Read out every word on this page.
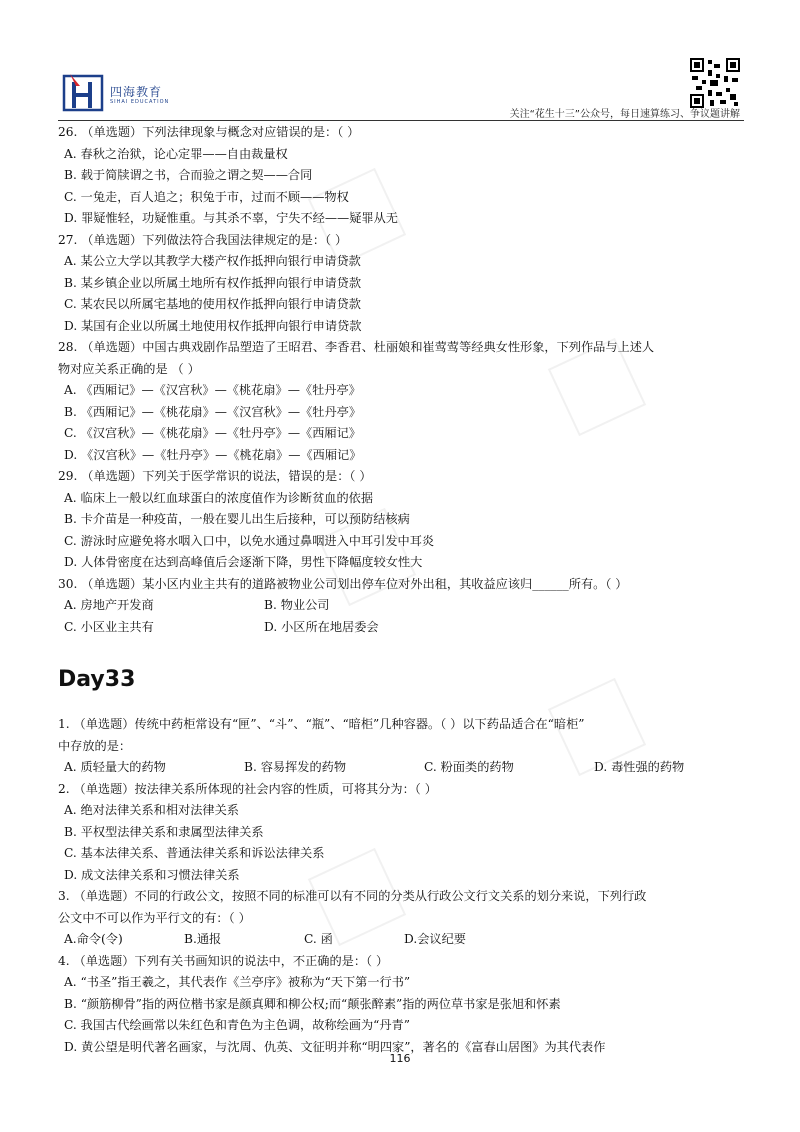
四海教育
SIHAI EDUCATION
关注“花生十三”公众号，每日速算练习、争议题讲解

26. （单选题）下列法律现象与概念对应错误的是：（ ）

A. 春秋之治狱，论心定罪——自由裁量权

B. 载于简牍谓之书，合而验之谓之契——合同

C. 一兔走，百人追之；积兔于市，过而不顾——物权

D. 罪疑惟轻，功疑惟重。与其杀不辜，宁失不经——疑罪从无

27. （单选题）下列做法符合我国法律规定的是：（ ）

A. 某公立大学以其教学大楼产权作抵押向银行申请贷款

B. 某乡镇企业以所属土地所有权作抵押向银行申请贷款

C. 某农民以所属宅基地的使用权作抵押向银行申请贷款

D. 某国有企业以所属土地使用权作抵押向银行申请贷款

28. （单选题）中国古典戏剧作品塑造了王昭君、李香君、杜丽娘和崔莺莺等经典女性形象，下列作品与上述人

物对应关系正确的是 （ ）

A. 《西厢记》—《汉宫秋》—《桃花扇》—《牡丹亭》

B. 《西厢记》—《桃花扇》—《汉宫秋》—《牡丹亭》

C. 《汉宫秋》—《桃花扇》—《牡丹亭》—《西厢记》

D. 《汉宫秋》—《牡丹亭》—《桃花扇》—《西厢记》

29. （单选题）下列关于医学常识的说法，错误的是：（ ）

A. 临床上一般以红血球蛋白的浓度值作为诊断贫血的依据

B. 卡介苗是一种疫苗，一般在婴儿出生后接种，可以预防结核病

C. 游泳时应避免将水咽入口中，以免水通过鼻咽进入中耳引发中耳炎

D. 人体骨密度在达到高峰值后会逐渐下降，男性下降幅度较女性大

30. （单选题）某小区内业主共有的道路被物业公司划出停车位对外出租，其收益应该归______所有。（ ）

A. 房地产开发商	B. 物业公司
C. 小区业主共有	D. 小区所在地居委会
Day33

1. （单选题）传统中药柜常设有“匣”、“斗”、“瓶”、“暗柜”几种容器。（ ）以下药品适合在“暗柜”

中存放的是：

A. 质轻量大的药物	B. 容易挥发的药物	C. 粉面类的药物	D. 毒性强的药物

2. （单选题）按法律关系所体现的社会内容的性质，可将其分为：（ ）

A. 绝对法律关系和相对法律关系

B. 平权型法律关系和隶属型法律关系

C. 基本法律关系、普通法律关系和诉讼法律关系

D. 成文法律关系和习惯法律关系

3. （单选题）不同的行政公文，按照不同的标准可以有不同的分类从行政公文行文关系的划分来说，下列行政

公文中不可以作为平行文的有：（ ）

A.命令(令)	B.通报	C. 函	D.会议纪要

4. （单选题）下列有关书画知识的说法中，不正确的是：（ ）

A. “书圣”指王羲之，其代表作《兰亭序》被称为“天下第一行书”

B. “颜筋柳骨”指的两位楷书家是颜真卿和柳公权;而“颠张醉素”指的两位草书家是张旭和怀素

C. 我国古代绘画常以朱红色和青色为主色调，故称绘画为“丹青”

D. 黄公望是明代著名画家，与沈周、仇英、文征明并称“明四家”，著名的《富春山居图》为其代表作

116
